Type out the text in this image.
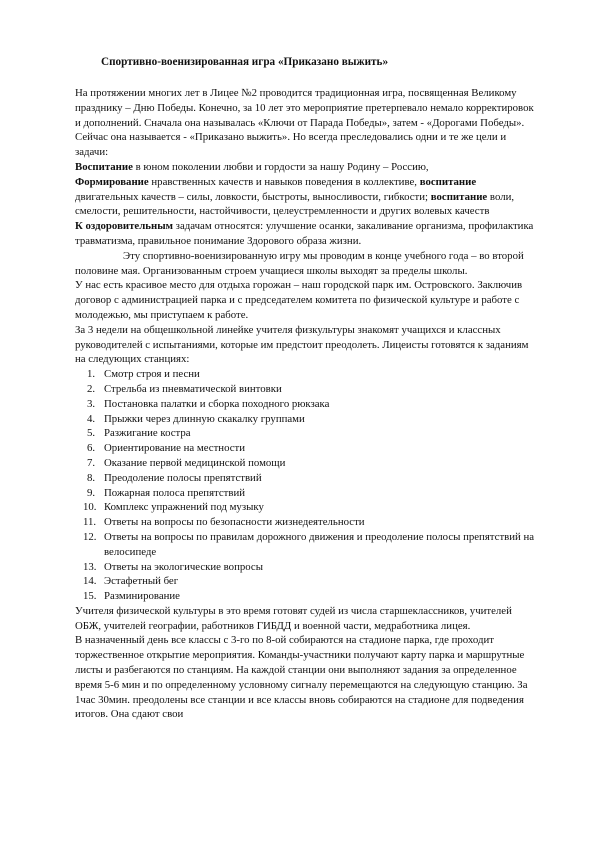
Спортивно-военизированная игра «Приказано выжить»

На протяжении многих лет в Лицее №2 проводится традиционная игра, посвященная Великому празднику – Дню Победы. Конечно, за 10 лет это мероприятие претерпевало немало корректировок и дополнений. Сначала она называлась «Ключи от Парада Победы», затем - «Дорогами Победы». Сейчас она называется - «Приказано выжить». Но всегда преследовались одни и те же цели и задачи:

Воспитание в юном поколении любви и гордости за нашу Родину – Россию,

Формирование нравственных качеств и навыков поведения в коллективе, воспитание двигательных качеств – силы, ловкости, быстроты, выносливости, гибкости; воспитание воли, смелости, решительности, настойчивости, целеустремленности и других волевых качеств

К оздоровительным задачам относятся: улучшение осанки, закаливание организма, профилактика травматизма, правильное понимание Здорового образа жизни.

Эту спортивно-военизированную игру мы проводим в конце учебного года – во второй половине мая. Организованным строем учащиеся школы выходят за пределы школы.

У нас есть красивое место для отдыха горожан – наш городской парк им. Островского. Заключив договор с администрацией парка и с председателем комитета по физической культуре и работе с молодежью, мы приступаем к работе.

За 3 недели на общешкольной линейке учителя физкультуры знакомят учащихся и классных руководителей с испытаниями, которые им предстоит преодолеть. Лицеисты готовятся к заданиям на следующих станциях:

1. Смотр строя и песни
2. Стрельба из пневматической винтовки
3. Постановка палатки и сборка походного рюкзака
4. Прыжки через длинную скакалку группами
5. Разжигание костра
6. Ориентирование на местности
7. Оказание первой медицинской помощи
8. Преодоление полосы препятствий
9. Пожарная полоса препятствий
10. Комплекс упражнений под музыку
11. Ответы на вопросы по безопасности жизнедеятельности
12. Ответы на вопросы по правилам дорожного движения и преодоление полосы препятствий на велосипеде
13. Ответы на экологические вопросы
14. Эстафетный бег
15. Разминирование

Учителя физической культуры в это время готовят судей из числа старшеклассников, учителей ОБЖ, учителей географии, работников ГИБДД и военной части, медработника лицея.

В назначенный день все классы с 3-го по 8-ой собираются на стадионе парка, где проходит торжественное открытие мероприятия. Команды-участники получают карту парка и маршрутные листы и разбегаются по станциям. На каждой станции они выполняют задания за определенное время 5-6 мин и по определенному условному сигналу перемещаются на следующую станцию. За 1час 30мин. преодолены все станции и все классы вновь собираются на стадионе для подведения итогов. Она сдают свои
